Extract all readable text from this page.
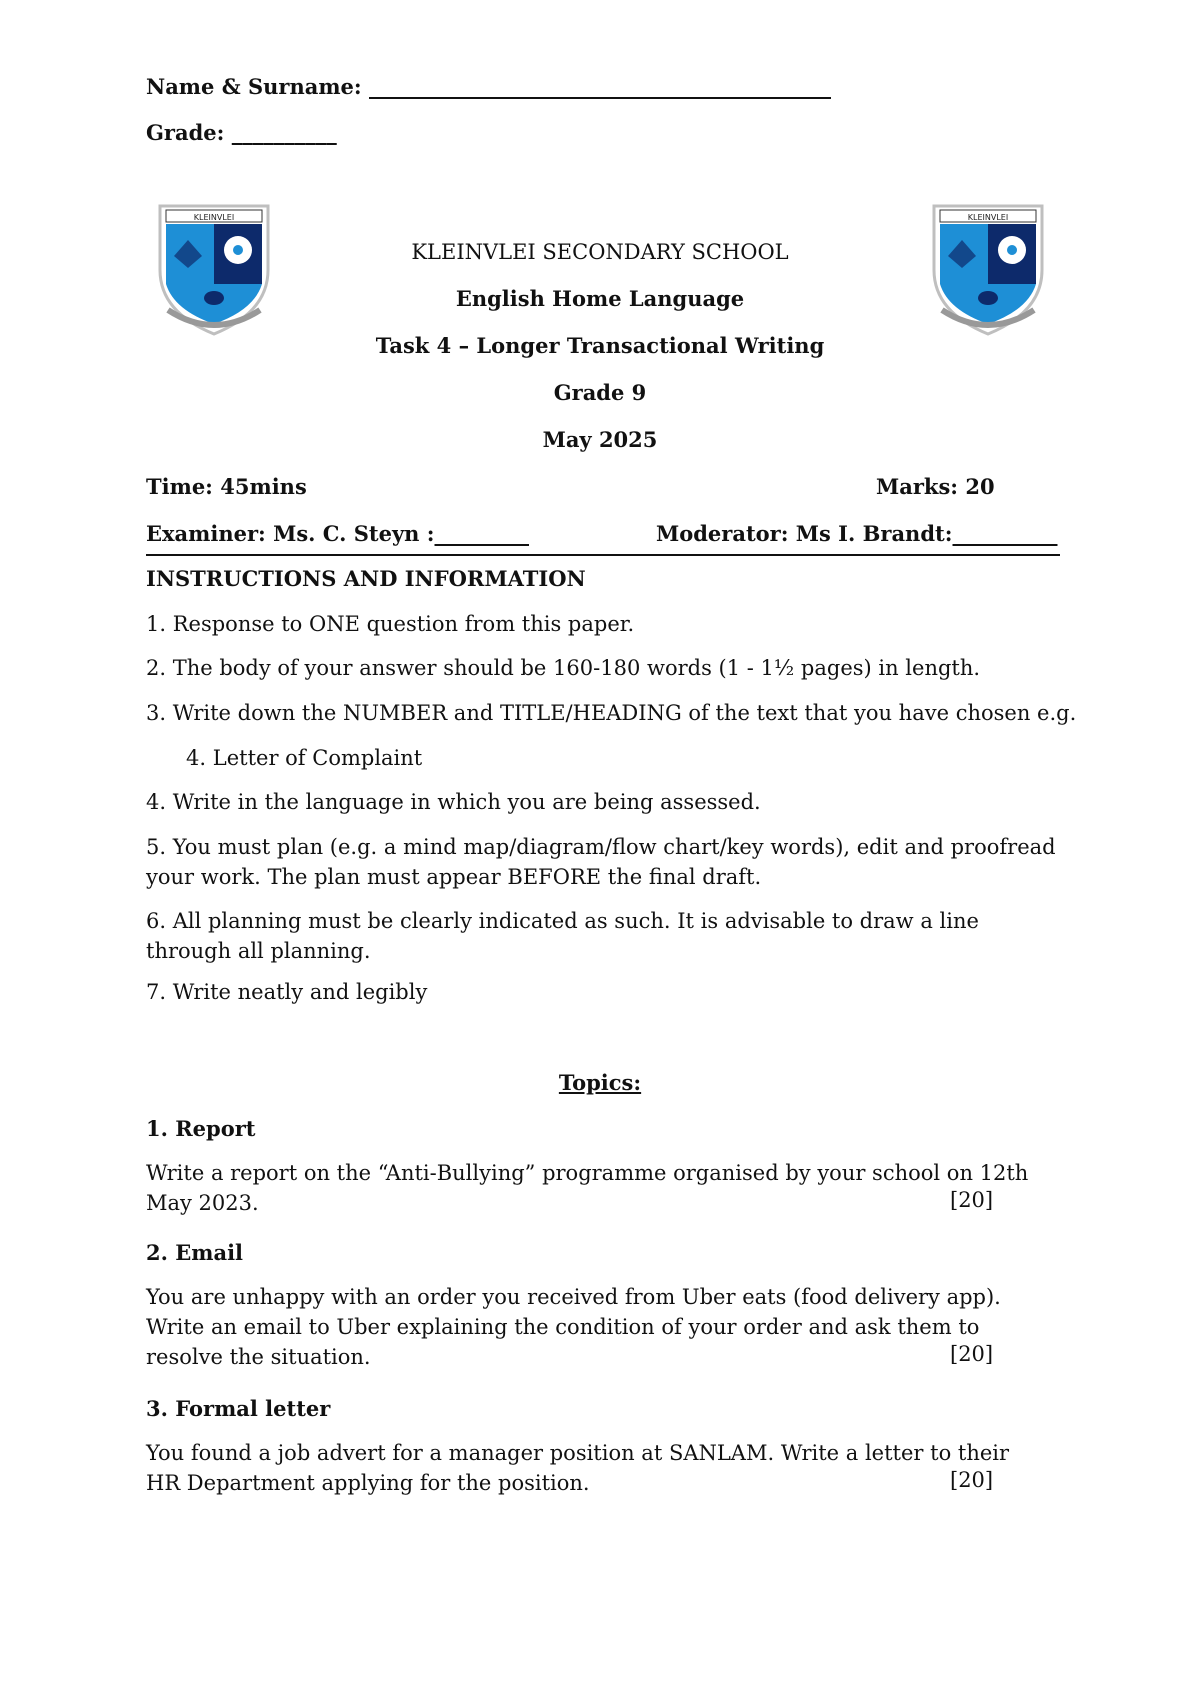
Name & Surname: ____________________________________________
Grade: __________
KLEINVLEI	KLEINVLEI
KLEINVLEI SECONDARY SCHOOL
English Home Language
Task 4 – Longer Transactional Writing
Grade 9
May 2025
Time: 45mins	Marks: 20
Examiner: Ms. C. Steyn :_________	Moderator: Ms I. Brandt:__________
INSTRUCTIONS AND INFORMATION
1. Response to ONE question from this paper.
2. The body of your answer should be 160-180 words (1 - 1½ pages) in length.
3. Write down the NUMBER and TITLE/HEADING of the text that you have chosen e.g.
4. Letter of Complaint
4. Write in the language in which you are being assessed.
5. You must plan (e.g. a mind map/diagram/flow chart/key words), edit and proofread your work. The plan must appear BEFORE the final draft.
6. All planning must be clearly indicated as such. It is advisable to draw a line through all planning.
7. Write neatly and legibly
Topics:
1. Report
Write a report on the “Anti-Bullying” programme organised by your school on 12th May 2023.	[20]
2. Email
You are unhappy with an order you received from Uber eats (food delivery app). Write an email to Uber explaining the condition of your order and ask them to resolve the situation.	[20]
3. Formal letter
You found a job advert for a manager position at SANLAM. Write a letter to their HR Department applying for the position.	[20]
